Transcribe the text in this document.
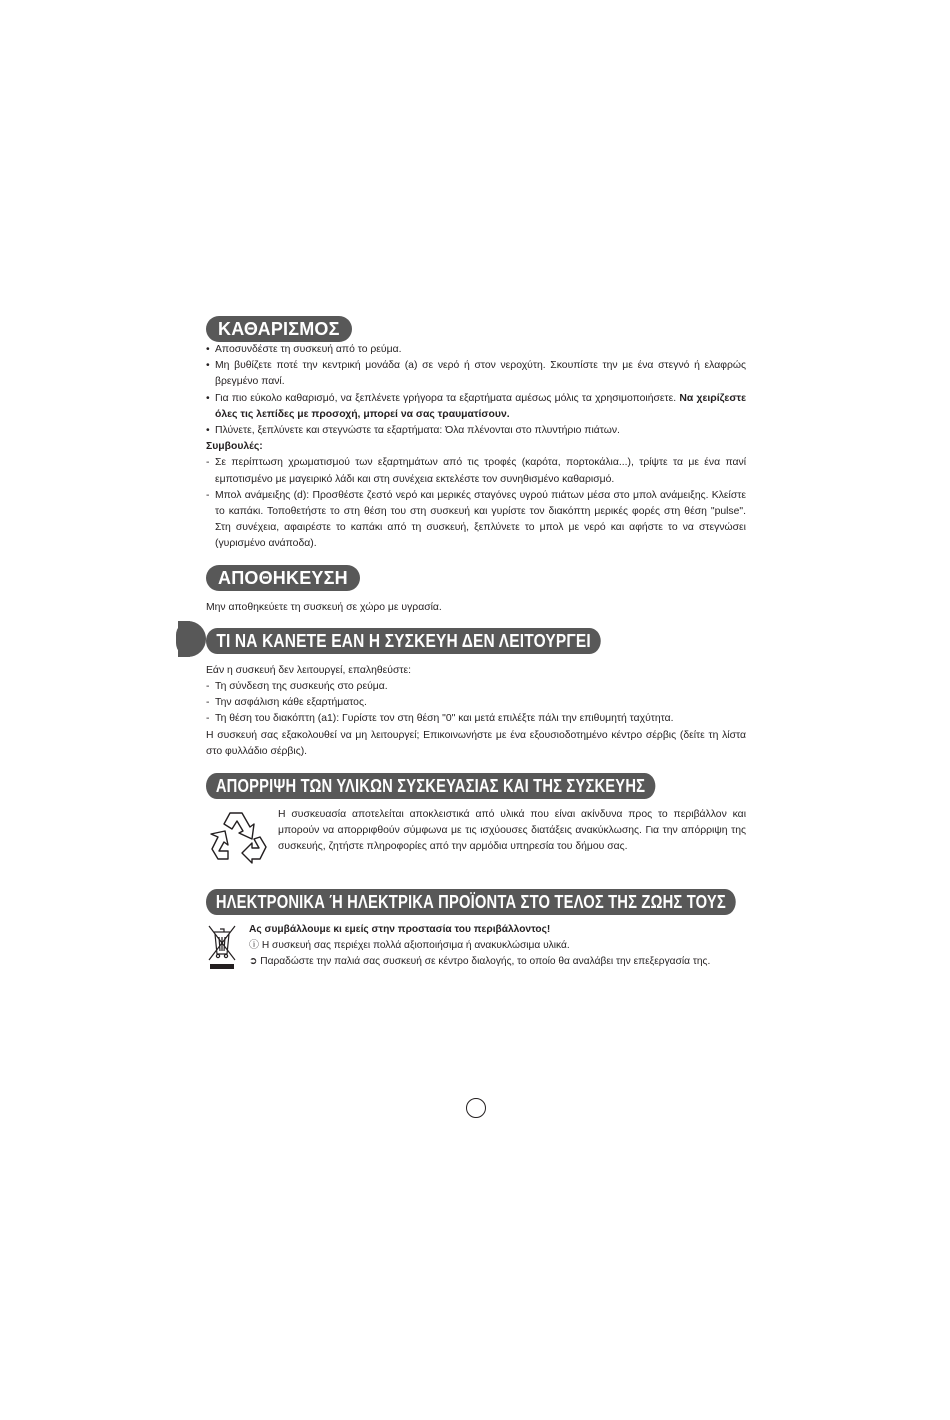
ΚΑΘΑΡΙΣΜΟΣ
• Αποσυνδέστε τη συσκευή από το ρεύμα.
• Μη βυθίζετε ποτέ την κεντρική μονάδα (a) σε νερό ή στον νεροχύτη. Σκουπίστε την με ένα στεγνό ή ελαφρώς βρεγμένο πανί.
• Για πιο εύκολο καθαρισμό, να ξεπλένετε γρήγορα τα εξαρτήματα αμέσως μόλις τα χρησιμοποιήσετε. Να χειρίζεστε όλες τις λεπίδες με προσοχή, μπορεί να σας τραυματίσουν.
• Πλύνετε, ξεπλύνετε και στεγνώστε τα εξαρτήματα: Όλα πλένονται στο πλυντήριο πιάτων.

Συμβουλές:

- Σε περίπτωση χρωματισμού των εξαρτημάτων από τις τροφές (καρότα, πορτοκάλια...), τρίψτε τα με ένα πανί εμποτισμένο με μαγειρικό λάδι και στη συνέχεια εκτελέστε τον συνηθισμένο καθαρισμό.
- Μπολ ανάμειξης (d): Προσθέστε ζεστό νερό και μερικές σταγόνες υγρού πιάτων μέσα στο μπολ ανάμειξης. Κλείστε το καπάκι. Τοποθετήστε το στη θέση του στη συσκευή και γυρίστε τον διακόπτη μερικές φορές στη θέση "pulse". Στη συνέχεια, αφαιρέστε το καπάκι από τη συσκευή, ξεπλύνετε το μπολ με νερό και αφήστε το να στεγνώσει (γυρισμένο ανάποδα).
ΑΠΟΘΗΚΕΥΣΗ

Μην αποθηκεύετε τη συσκευή σε χώρο με υγρασία.

ΤΙ ΝΑ ΚΑΝΕΤΕ ΕΑΝ Η ΣΥΣΚΕΥΗ ΔΕΝ ΛΕΙΤΟΥΡΓΕΙ

Εάν η συσκευή δεν λειτουργεί, επαληθεύστε:

- Τη σύνδεση της συσκευής στο ρεύμα.
- Την ασφάλιση κάθε εξαρτήματος.
- Τη θέση του διακόπτη (a1): Γυρίστε τον στη θέση "0" και μετά επιλέξτε πάλι την επιθυμητή ταχύτητα.

Η συσκευή σας εξακολουθεί να μη λειτουργεί; Επικοινωνήστε με ένα εξουσιοδοτημένο κέντρο σέρβις (δείτε τη λίστα στο φυλλάδιο σέρβις).

ΑΠΟΡΡΙΨΗ ΤΩΝ ΥΛΙΚΩΝ ΣΥΣΚΕΥΑΣΙΑΣ ΚΑΙ ΤΗΣ ΣΥΣΚΕΥΗΣ

Η συσκευασία αποτελείται αποκλειστικά από υλικά που είναι ακίνδυνα προς το περιβάλλον και μπορούν να απορριφθούν σύμφωνα με τις ισχύουσες διατάξεις ανακύκλωσης. Για την απόρριψη της συσκευής, ζητήστε πληροφορίες από την αρμόδια υπηρεσία του δήμου σας.

ΗΛΕΚΤΡΟΝΙΚΑ Ή ΗΛΕΚΤΡΙΚΑ ΠΡΟΪΟΝΤΑ ΣΤΟ ΤΕΛΟΣ ΤΗΣ ΖΩΗΣ ΤΟΥΣ

Ας συμβάλλουμε κι εμείς στην προστασία του περιβάλλοντος!

ⓘ Η συσκευή σας περιέχει πολλά αξιοποιήσιμα ή ανακυκλώσιμα υλικά.

➲ Παραδώστε την παλιά σας συσκευή σε κέντρο διαλογής, το οποίο θα αναλάβει την επεξεργασία της.
